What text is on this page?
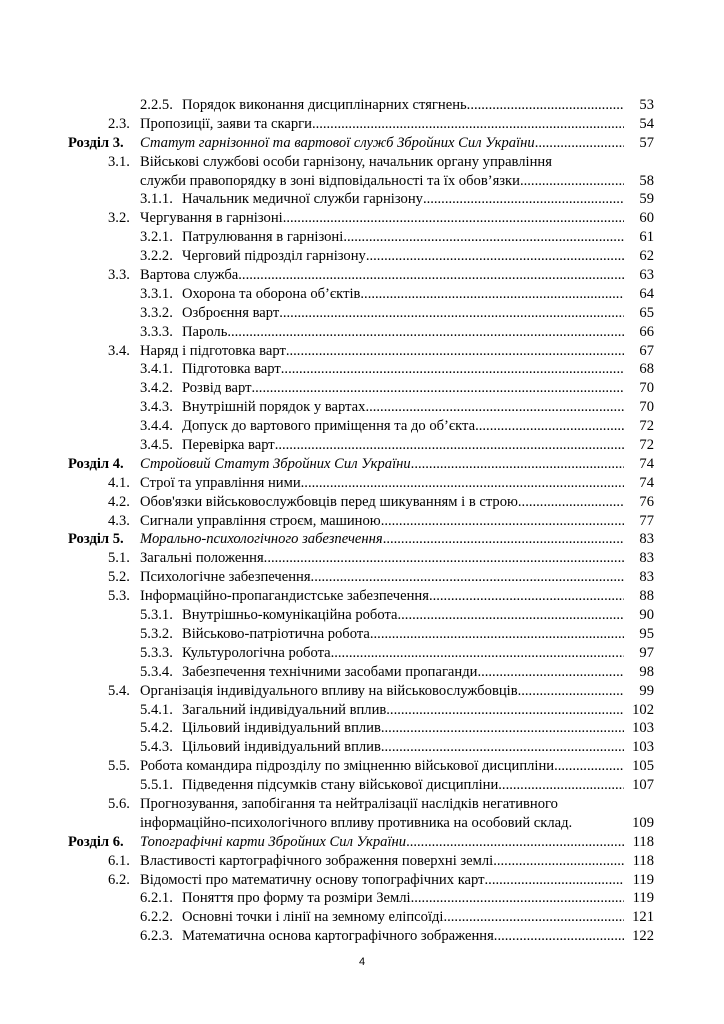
2.2.5. Порядок виконання дисциплінарних стягнень .....	53
2.3. Пропозиції, заяви та скарги .....	54
Розділ 3. Статут гарнізонної та вартової служб Збройних Сил України .....	57
3.1. Військові службові особи гарнізону, начальник органу управління
служби правопорядку в зоні відповідальності та їх обов’язки .....	58
3.1.1. Начальник медичної служби гарнізону .....	59
3.2. Чергування в гарнізоні .....	60
3.2.1. Патрулювання в гарнізоні .....	61
3.2.2. Черговий підрозділ гарнізону .....	62
3.3. Вартова служба .....	63
3.3.1. Охорона та оборона об’єктів .....	64
3.3.2. Озброєння варт .....	65
3.3.3. Пароль .....	66
3.4. Наряд і підготовка варт .....	67
3.4.1. Підготовка варт .....	68
3.4.2. Розвід варт .....	70
3.4.3. Внутрішній порядок у вартах .....	70
3.4.4. Допуск до вартового приміщення та до об’єкта .....	72
3.4.5. Перевірка варт .....	72
Розділ 4. Стройовий Статут Збройних Сил України .....	74
4.1. Строї та управління ними .....	74
4.2. Обов'язки військовослужбовців перед шикуванням і в строю .....	76
4.3. Сигнали управління строєм, машиною .....	77
Розділ 5. Морально-психологічного забезпечення .....	83
5.1. Загальні положення .....	83
5.2. Психологічне забезпечення .....	83
5.3. Інформаційно-пропагандистське забезпечення .....	88
5.3.1. Внутрішньо-комунікаційна робота .....	90
5.3.2. Військово-патріотична робота .....	95
5.3.3. Культурологічна робота .....	97
5.3.4. Забезпечення технічними засобами пропаганди .....	98
5.4. Організація індивідуального впливу на військовослужбовців .....	99
5.4.1. Загальний індивідуальний вплив .....	102
5.4.2. Цільовий індивідуальний вплив .....	103
5.4.3. Цільовий індивідуальний вплив .....	103
5.5. Робота командира підрозділу по зміцненню військової дисципліни .....	105
5.5.1. Підведення підсумків стану військової дисципліни .....	107
5.6. Прогнозування, запобігання та нейтралізації наслідків негативного
інформаційно-психологічного впливу противника на особовий склад.	109
Розділ 6. Топографічні карти Збройних Сил України .....	118
6.1. Властивості картографічного зображення поверхні землі .....	118
6.2. Відомості про математичну основу топографічних карт .....	119
6.2.1. Поняття про форму та розміри Землі .....	119
6.2.2. Основні точки і лінії на земному еліпсоїді .....	121
6.2.3. Математична основа картографічного зображення .....	122
4
